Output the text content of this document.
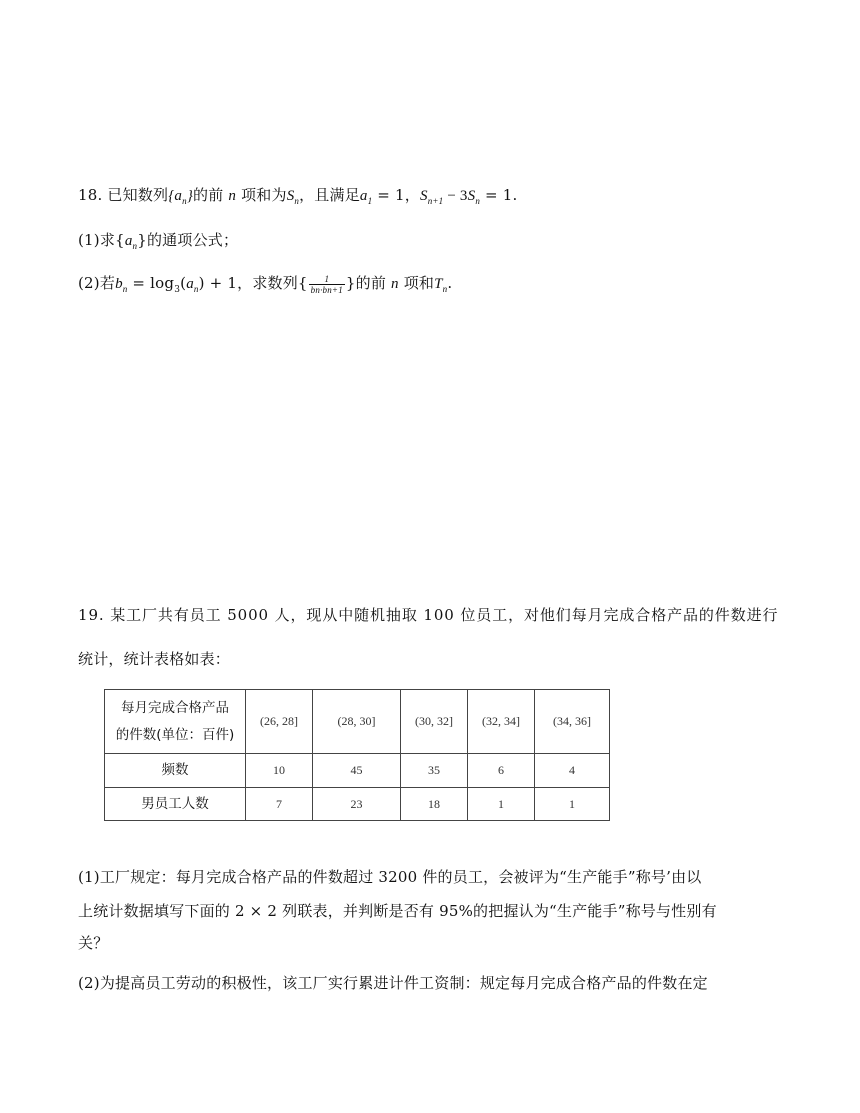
18. 已知数列$\{a_n\}$的前 n 项和为$S_n$，且满足$a_1 = 1$，$S_{n+1} - 3S_n = 1$.
(1)求$\{a_n\}$的通项公式；
(2)若$b_n = \log_3(a_n) + 1$，求数列{ $\frac{1}{bn\cdot bn+1}$ }的前 n 项和$T_n$.
19. 某工厂共有员工 5000 人，现从中随机抽取 100 位员工，对他们每月完成合格产品的件数进行
统计，统计表格如表：
每月完成合格产品
的件数(单位：百件)	(26, 28]	(28, 30]	(30, 32]	(32, 34]	(34, 36]
频数	10	45	35	6	4
男员工人数	7	23	18	1	1
(1)工厂规定：每月完成合格产品的件数超过 3200 件的员工，会被评为“生产能手”称号’由以
上统计数据填写下面的 2 × 2 列联表，并判断是否有 95%的把握认为“生产能手”称号与性别有
关？
(2)为提高员工劳动的积极性，该工厂实行累进计件工资制：规定每月完成合格产品的件数在定
